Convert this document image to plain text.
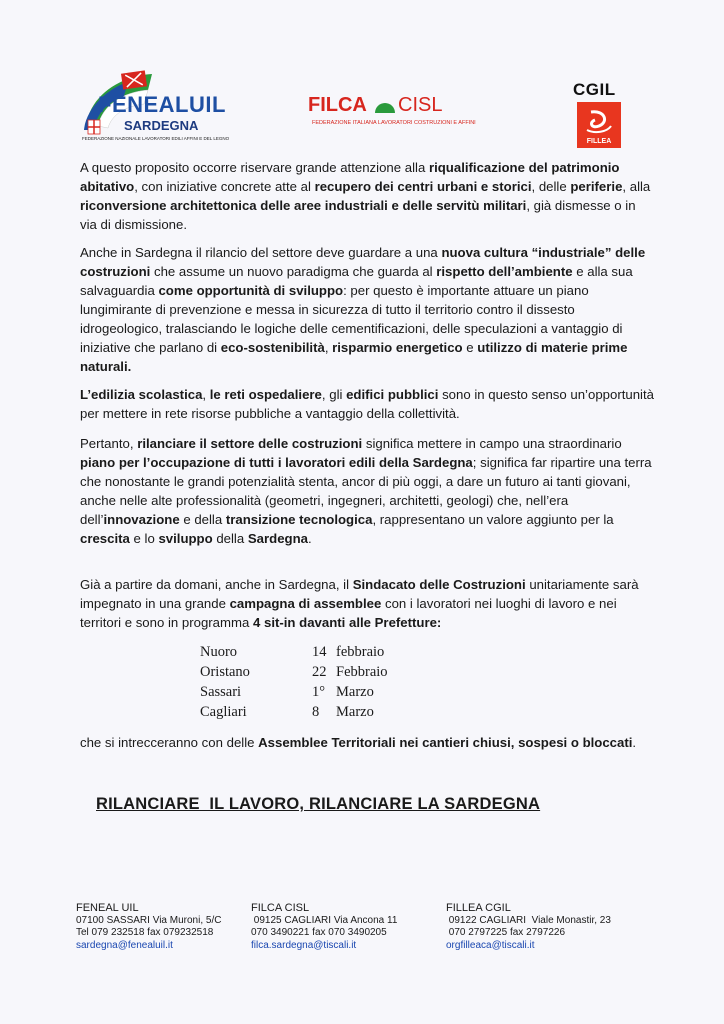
FENEALUIL
SARDEGNA
FEDERAZIONE NAZIONALE LAVORATORI EDILI AFFINI E DEL LEGNO
FILCA CISL
FEDERAZIONE ITALIANA LAVORATORI COSTRUZIONI E AFFINI
CGIL
FILLEA

A questo proposito occorre riservare grande attenzione alla riqualificazione del patrimonio abitativo, con iniziative concrete atte al recupero dei centri urbani e storici, delle periferie, alla riconversione architettonica delle aree industriali e delle servitù militari, già dismesse o in via di dismissione.

Anche in Sardegna il rilancio del settore deve guardare a una nuova cultura “industriale” delle costruzioni che assume un nuovo paradigma che guarda al rispetto dell’ambiente e alla sua salvaguardia come opportunità di sviluppo: per questo è importante attuare un piano lungimirante di prevenzione e messa in sicurezza di tutto il territorio contro il dissesto idrogeologico, tralasciando le logiche delle cementificazioni, delle speculazioni a vantaggio di iniziative che parlano di eco-sostenibilità, risparmio energetico e utilizzo di materie prime naturali.

L’edilizia scolastica, le reti ospedaliere, gli edifici pubblici sono in questo senso un’opportunità per mettere in rete risorse pubbliche a vantaggio della collettività.

Pertanto, rilanciare il settore delle costruzioni significa mettere in campo una straordinario piano per l’occupazione di tutti i lavoratori edili della Sardegna; significa far ripartire una terra che nonostante le grandi potenzialità stenta, ancor di più oggi, a dare un futuro ai tanti giovani, anche nelle alte professionalità (geometri, ingegneri, architetti, geologi) che, nell’era dell’innovazione e della transizione tecnologica, rappresentano un valore aggiunto per la crescita e lo sviluppo della Sardegna.

Già a partire da domani, anche in Sardegna, il Sindacato delle Costruzioni unitariamente sarà impegnato in una grande campagna di assemblee con i lavoratori nei luoghi di lavoro e nei territori e sono in programma 4 sit-in davanti alle Prefetture:

Nuoro	14 febbraio
Oristano	22 Febbraio
Sassari	1° Marzo
Cagliari	8	Marzo

che si intrecceranno con delle Assemblee Territoriali nei cantieri chiusi, sospesi o bloccati.

RILANCIARE  IL LAVORO, RILANCIARE LA SARDEGNA
FENEAL UIL
07100 SASSARI Via Muroni, 5/C
Tel 079 232518 fax 079232518
sardegna@fenealuil.it
FILCA CISL
09125 CAGLIARI Via Ancona 11
070 3490221 fax 070 3490205
filca.sardegna@tiscali.it
FILLEA CGIL
09122 CAGLIARI  Viale Monastir, 23
070 2797225 fax 2797226
orgfilleaca@tiscali.it
